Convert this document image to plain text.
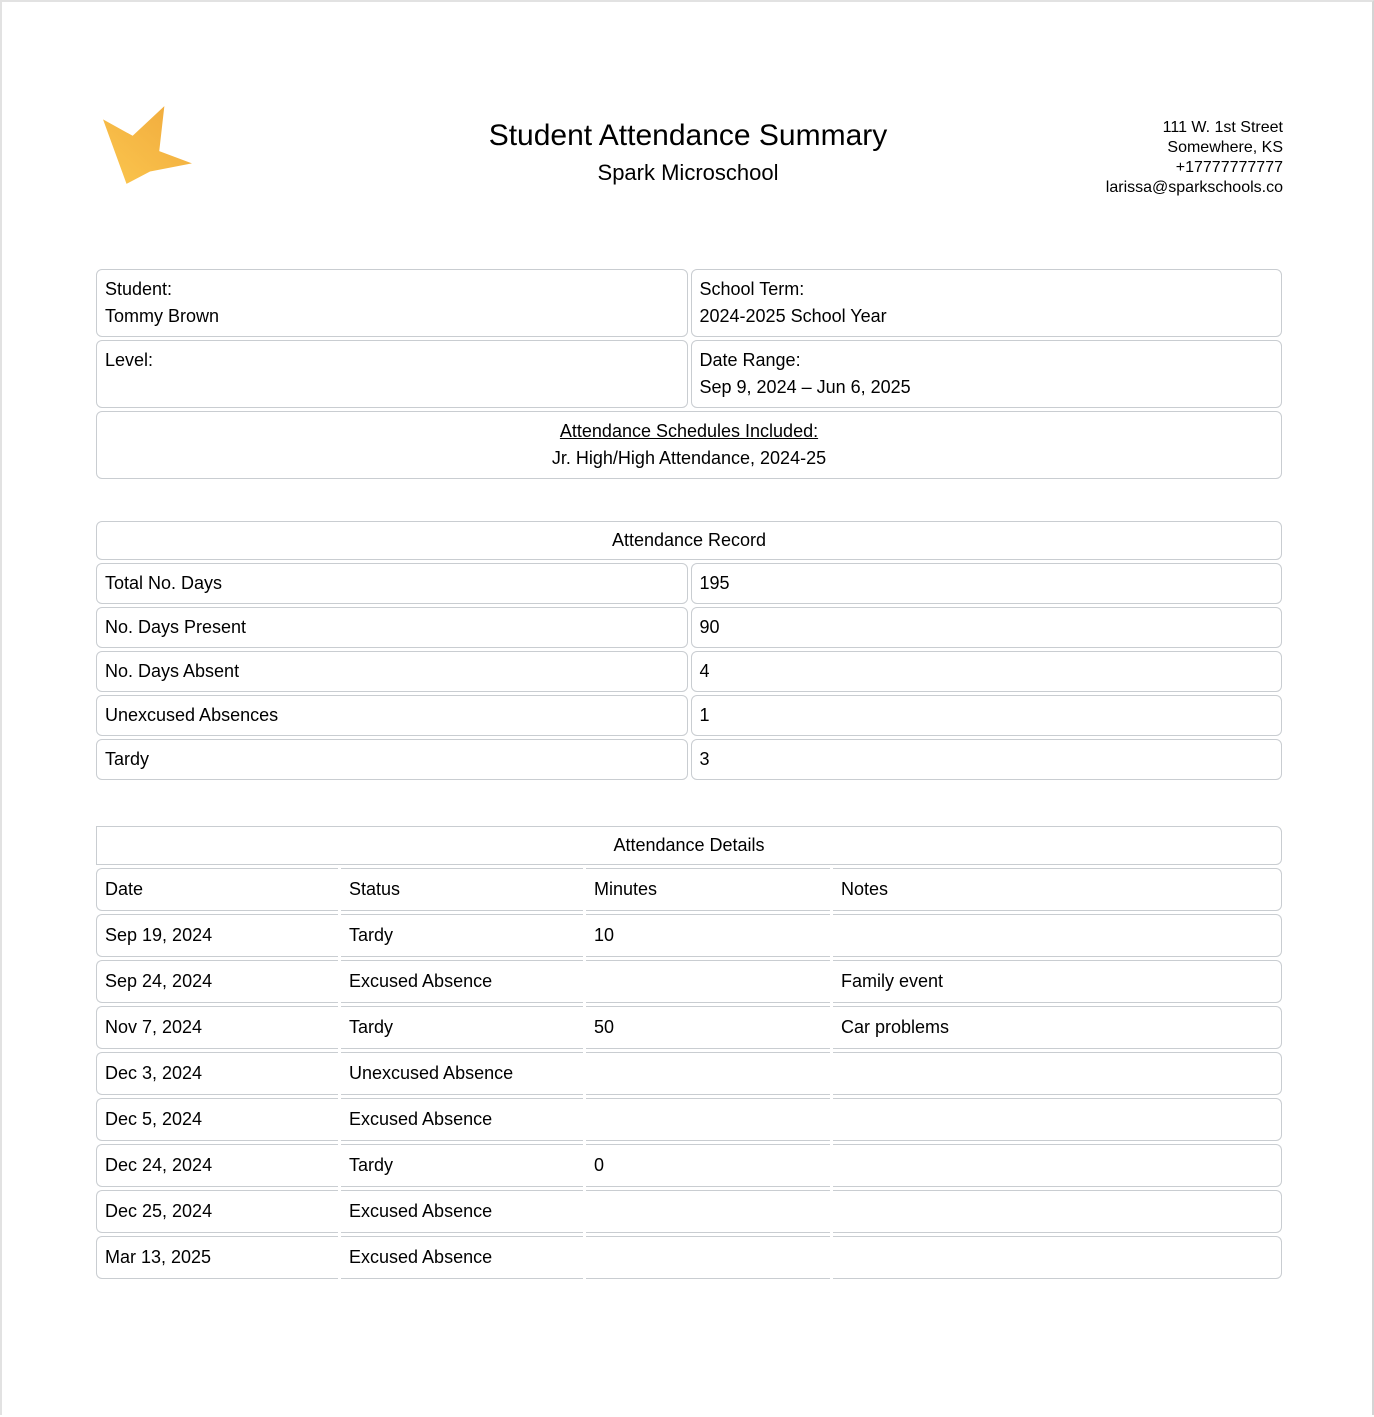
Student Attendance Summary
Spark Microschool
111 W. 1st Street
Somewhere, KS
+17777777777
larissa@sparkschools.co
Student:
Tommy Brown

School Term:
2024-2025 School Year

Level:	Date Range:
Sep 9, 2024 – Jun 6, 2025

Attendance Schedules Included:
Jr. High/High Attendance, 2024-25	
Attendance Record	
Total No. Days	195
No. Days Present	90
No. Days Absent	4
Unexcused Absences	1
Tardy	3
Attendance Details			
Date	Status	Minutes	Notes
Sep 19, 2024	Tardy	10	
Sep 24, 2024	Excused Absence		Family event
Nov 7, 2024	Tardy	50	Car problems
Dec 3, 2024	Unexcused Absence		
Dec 5, 2024	Excused Absence		
Dec 24, 2024	Tardy	0	
Dec 25, 2024	Excused Absence		
Mar 13, 2025	Excused Absence		
